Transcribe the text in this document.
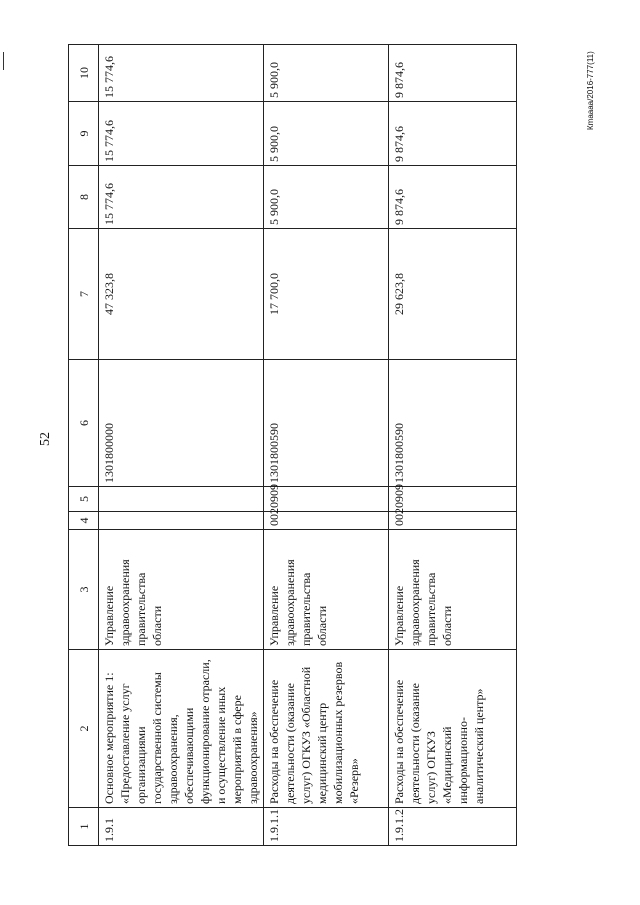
52
Кmaaaa/2016-777(11)
1	2	3	4	5	6	7	8	9	10
1.9.1	Основное мероприятие 1: «Предоставление услуг организациями государственной системы здравоохранения, обеспечивающими функционирование отрасли, и осуществление иных мероприятий в сфере здравоохранения»	Управление здравоохранения правительства области			1301800000	47 323,8	15 774,6	15 774,6	15 774,6
1.9.1.1	Расходы на обеспечение деятельности (оказание услуг) ОГКУЗ «Областной медицинский центр мобилизационных резервов «Резерв»	Управление здравоохранения правительства области	002	0909	1301800590	17 700,0	5 900,0	5 900,0	5 900,0
1.9.1.2	Расходы на обеспечение деятельности (оказание услуг) ОГКУЗ «Медицинский информационно-аналитический центр»	Управление здравоохранения правительства области	002	0909	1301800590	29 623,8	9 874,6	9 874,6	9 874,6
